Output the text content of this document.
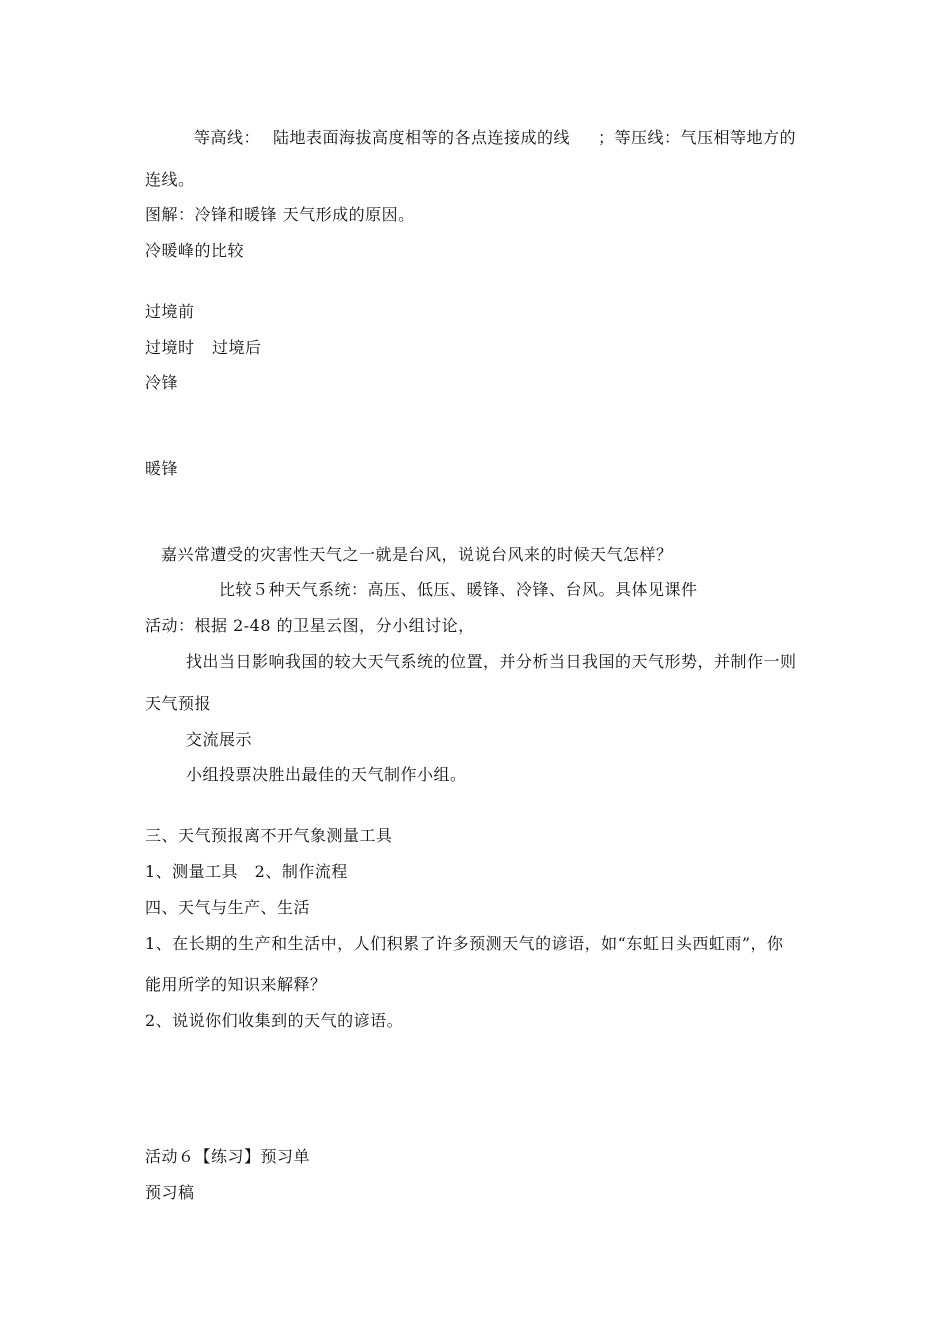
等高线： 陆地表面海拔高度相等的各点连接成的线 ；等压线：气压相等地方的
连线。
图解：冷锋和暖锋 天气形成的原因。
冷暖峰的比较
过境前
过境时 过境后
冷锋
暖锋
嘉兴常遭受的灾害性天气之一就是台风，说说台风来的时候天气怎样？
比较５种天气系统：高压、低压、暖锋、冷锋、台风。具体见课件
活动：根据 2-48 的卫星云图，分小组讨论，
找出当日影响我国的较大天气系统的位置，并分析当日我国的天气形势，并制作一则
天气预报
交流展示
小组投票决胜出最佳的天气制作小组。
三、天气预报离不开气象测量工具
1、测量工具　2、制作流程
四、天气与生产、生活
1、在长期的生产和生活中，人们积累了许多预测天气的谚语，如“东虹日头西虹雨”，你
能用所学的知识来解释？
2、说说你们收集到的天气的谚语。
活动６【练习】预习单
预习稿
